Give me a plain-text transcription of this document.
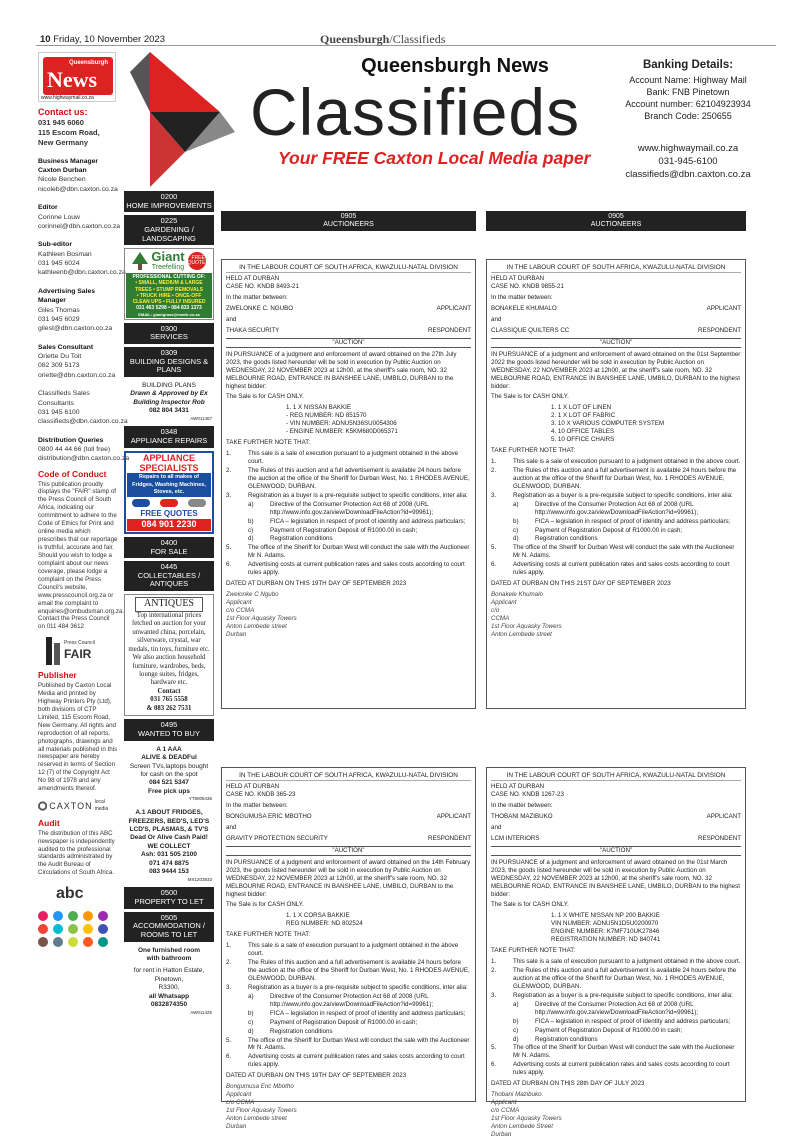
10 Friday, 10 November 2023	Queensburgh/Classifieds
Queensburgh News
Classifieds
Your FREE Caxton Local Media paper
Banking Details:
Account Name: Highway Mail
Bank: FNB Pinetown
Account number: 62104923934
Branch Code: 250655
www.highwaymail.co.za
031-945-6100
classifieds@dbn.caxton.co.za
Queensburgh
News
www.highwaymail.co.za
Contact us:
031 945 6060
115 Escom Road,
New Germany
Business Manager
Caxton Durban
Nicole Benchen
nicoleb@dbn.caxton.co.za
Editor
Corinne Louw
corinnel@dbn.caxton.co.za
Sub-editor
Kathleen Bosman
031 945 6024
kathleenb@dbn.caxton.co.za
Advertising Sales Manager
Giles Thomas
031 945 6029
gilest@dbn.caxton.co.za
Sales Consultant
Oriette Du Toit
082 309 5173
oriette@dbn.caxton.co.za
Classifieds Sales
Consultants
031 945 6100
classifieds@dbn.caxton.co.za
Distribution Queries
0800 44 44 66 (toll free)
distribution@dbn.caxton.co.za
Code of Conduct
This publication proudly displays the "FAIR" stamp of the Press Council of South Africa, indicating our commitment to adhere to the Code of Ethics for Print and online media which prescribes that our reportage is truthful, accurate and fair. Should you wish to lodge a complaint about our news coverage, please lodge a complaint on the Press Council's website, www.presscouncil.org.za or email the complaint to enquiries@ombudsman.org.za. Contact the Press Council on 011 484 3612
Press Council
FAIR
Publisher
Published by Caxton Local Media and printed by Highway Printers Pty (Ltd), both divisions of CTP Limited, 115 Escom Road, New Germany. All rights and reproduction of all reports, photographs, drawings and all materials published in this newspaper are hereby reserved in terms of Section 12 (7) of the Copyright Act No 98 of 1978 and any amendments thereof.
CAXTON local media
Audit
The distribution of this ABC newspaper is independently audited to the professional standards administrated by the Audit Bureau of Circulations of South Africa.
abc
0200
HOME IMPROVEMENTS
0225
GARDENING /
LANDSCAPING
Giant
Treefelling
FREE QUOTES
PROFESSIONAL CUTTING OF:
• SMALL, MEDIUM & LARGE
TREES • STUMP REMOVALS
• TRUCK HIRE • ONCE-OFF
CLEAN UPS • FULLY INSURED
031 463 5298 • 084 833 1373
EMAIL: giantgrass@mweb.co.za
0300
SERVICES
0309
BUILDING DESIGNS &
PLANS
BUILDING PLANS
Drawn & Approved by Ex
Building Inspector Rob
082 804 3431
AW011457
0348
APPLIANCE REPAIRS
APPLIANCE
SPECIALISTS
Repairs to all makes of Fridges, Washing Machines, Stoves, etc.
FREE QUOTES
084 901 2230
0400
FOR SALE
0445
COLLECTABLES /
ANTIQUES
ANTIQUES
Top international prices fetched on auction for your unwanted china, porcelain, silverware, crystal, war medals, tin toys, furniture etc. We also auction household furniture, wardrobes, beds, lounge suites, fridges, hardware etc.
Contact
031 765 5558
& 083 262 7531
0495
WANTED TO BUY
A 1 AAA
ALIVE & DEADFul
Screen TVs,laptops bought for cash on the spot
084 521 5347
Free pick ups
YT8005436
A.1 ABOUT FRIDGES, FREEZERS, BED'S, LED'S LCD'S, PLASMAS, & TV'S Dead Or Alive Cash Paid! WE COLLECT
Ash: 031 505 2100
071 474 8875
083 9444 153
MX1203933
0500
PROPERTY TO LET
0505
ACCOMMODATION /
ROOMS TO LET
One furnished room
with bathroom
for rent in Hatton Estate, Pinetown,
R3300,
all Whatsapp
0832874350
AW011425
0905
AUCTIONEERS
0905
AUCTIONEERS
IN THE LABOUR COURT OF SOUTH AFRICA, KWAZULU-NATAL DIVISION
HELD AT DURBAN
CASE NO. KNDB 8493-21

In the matter between:

ZWELONKE C. NGUBO	APPLICANT

and

THAKA SECURITY	RESPONDENT
"AUCTION"

IN PURSUANCE of a judgment and enforcement of award obtained on the 27th July 2023, the goods listed hereunder will be sold in execution by Public Auction on WEDNESDAY, 22 NOVEMBER 2023 at 12h00, at the sheriff's sale room, NO. 32 MELBOURNE ROAD, ENTRANCE IN BANSHEE LANE, UMBILO, DURBAN to the highest bidder:

The Sale is for CASH ONLY.

1. 1 X NISSAN BAKKIE
- REG NUMBER: ND 851570
- VIN NUMBER: ADNU5N36SU0054306
- ENGINE NUMBER: K5KM680D065371

TAKE FURTHER NOTE THAT:

1.	This sale is a sale of execution pursuant to a judgment obtained in the above court.
2.	The Rules of this auction and a full advertisement is available 24 hours before the auction at the office of the Sheriff for Durban West, No. 1 RHODES AVENUE, GLENWOOD, DURBAN.
3.	Registration as a buyer is a pre-requisite subject to specific conditions, inter alia:
a)	Directive of the Consumer Protection Act 68 of 2008 (URL http://www.info.gov.za/view/DownloadFileAction?id=99961);
b)	FICA – legislation in respect of proof of identity and address particulars;
c)	Payment of Registration Deposit of R1000.00 in cash;
d)	Registration conditions
5.	The office of the Sheriff for Durban West will conduct the sale with the Auctioneer Mr N. Adams.
6.	Advertising costs at current publication rates and sales costs according to court rules apply.

DATED AT DURBAN ON THIS 19TH DAY OF SEPTEMBER 2023

Zwelonke C Ngubo
Applicant
c/o CCMA
1st Floor Aquasky Towers
Anton Lembede street
Durban
IN THE LABOUR COURT OF SOUTH AFRICA, KWAZULU-NATAL DIVISION
HELD AT DURBAN
CASE NO. KNDB 9855-21

In the matter between:

BONAKELE KHUMALO	APPLICANT

and

CLASSIQUE QUILTERS CC	RESPONDENT
"AUCTION"

IN PURSUANCE of a judgment and enforcement of award obtained on the 01st September 2022 the goods listed hereunder will be sold in execution by Public Auction on WEDNESDAY, 22 NOVEMBER 2023 at 12h00, at the sheriff's sale room, NO. 32 MELBOURNE ROAD, ENTRANCE IN BANSHEE LANE, UMBILO, DURBAN to the highest bidder:

The Sale is for CASH ONLY.

1. 1 X LOT OF LINEN
2. 1 X LOT OF FABRIC
3. 10 X VARIOUS COMPUTER SYSTEM
4. 10 OFFICE TABLES
5. 10 OFFICE CHAIRS

TAKE FURTHER NOTE THAT:

1.	This sale is a sale of execution pursuant to a judgment obtained in the above court.
2.	The Rules of this auction and a full advertisement is available 24 hours before the auction at the office of the Sheriff for Durban West, No. 1 RHODES AVENUE, GLENWOOD, DURBAN.
3.	Registration as a buyer is a pre-requisite subject to specific conditions, inter alia:
a)	Directive of the Consumer Protection Act 68 of 2008 (URL http://www.info.gov.za/view/DownloadFileAction?id=99961);
b)	FICA – legislation in respect of proof of identity and address particulars;
c)	Payment of Registration Deposit of R1000.00 in cash;
d)	Registration conditions
5.	The office of the Sheriff for Durban West will conduct the sale with the Auctioneer Mr N. Adams.
6.	Advertising costs at current publication rates and sales costs according to court rules apply.

DATED AT DURBAN ON THIS 21ST DAY OF SEPTEMBER 2023

Bonakele Khumalo
Applicant
c/o
CCMA
1st Floor Aquasky Towers
Anton Lembede street
IN THE LABOUR COURT OF SOUTH AFRICA, KWAZULU-NATAL DIVISION
HELD AT DURBAN
CASE NO. KNDB 365-23

In the matter between:

BONGUMUSA ERIC MBOTHO	APPLICANT

and

GRAVITY PROTECTION SECURITY	RESPONDENT
"AUCTION"

IN PURSUANCE of a judgment and enforcement of award obtained on the 14th February 2023, the goods listed hereunder will be sold in execution by Public Auction on WEDNESDAY, 22 NOVEMBER 2023 at 12h00, at the sheriff's sale room, NO. 32 MELBOURNE ROAD, ENTRANCE IN BANSHEE LANE, UMBILO, DURBAN to the highest bidder:

The Sale is for CASH ONLY.

1. 1 X CORSA BAKKIE
REG NUMBER: ND 802524

TAKE FURTHER NOTE THAT:

1.	This sale is a sale of execution pursuant to a judgment obtained in the above court.
2.	The Rules of this auction and a full advertisement is available 24 hours before the auction at the office of the Sheriff for Durban West, No. 1 RHODES AVENUE, GLENWOOD, DURBAN.
3.	Registration as a buyer is a pre-requisite subject to specific conditions, inter alia:
a)	Directive of the Consumer Protection Act 68 of 2008 (URL http://www.info.gov.za/view/DownloadFileAction?id=99961);
b)	FICA – legislation in respect of proof of identity and address particulars;
c)	Payment of Registration Deposit of R1000.00 in cash;
d)	Registration conditions
5.	The office of the Sheriff for Durban West will conduct the sale with the Auctioneer Mr N. Adams.
6.	Advertising costs at current publication rates and sales costs according to court rules apply.

DATED AT DURBAN ON THIS 19TH DAY OF SEPTEMBER 2023

Bongumusa Eric Mbotho
Applicant
c/o CCMA
1st Floor Aquasky Towers
Anton Lembede street
Durban
IN THE LABOUR COURT OF SOUTH AFRICA, KWAZULU-NATAL DIVISION
HELD AT DURBAN
CASE NO. KNDB 1267-23

In the matter between:

THOBANI MAZIBUKO	APPLICANT

and

LCM INTERIORS	RESPONDENT
"AUCTION"

IN PURSUANCE of a judgment and enforcement of award obtained on the 01st March 2023, the goods listed hereunder will be sold in execution by Public Auction on WEDNESDAY, 22 NOVEMBER 2023 at 12h00, at the sheriff's sale room, NO. 32 MELBOURNE ROAD, ENTRANCE IN BANSHEE LANE, UMBILO, DURBAN to the highest bidder:

The Sale is for CASH ONLY.

1. 1 X WHITE NISSAN NP 200 BAKKIE
VIN NUMBER: ADNU5N1D5U0200970
ENGINE NUMBER: K7MF710UK27846
REGISTRATION NUMBER: ND 840741

TAKE FURTHER NOTE THAT:

1.	This sale is a sale of execution pursuant to a judgment obtained in the above court.
2.	The Rules of this auction and a full advertisement is available 24 hours before the auction at the office of the Sheriff for Durban West, No. 1 RHODES AVENUE, GLENWOOD, DURBAN.
3.	Registration as a buyer is a pre-requisite subject to specific conditions, inter alia:
a)	Directive of the Consumer Protection Act 68 of 2008 (URL http://www.info.gov.za/view/DownloadFileAction?id=99961);
b)	FICA – legislation in respect of proof of identity and address particulars;
c)	Payment of Registration Deposit of R1000.00 in cash;
d)	Registration conditions
5.	The office of the Sheriff for Durban West will conduct the sale with the Auctioneer Mr N. Adams.
6.	Advertising costs at current publication rates and sales costs according to court rules apply.

DATED AT DURBAN ON THIS 28th DAY OF JULY 2023

Thobani Mazibuko
Applicant
c/o CCMA
1st Floor Aquasky Towers
Anton Lembede Street
Durban
